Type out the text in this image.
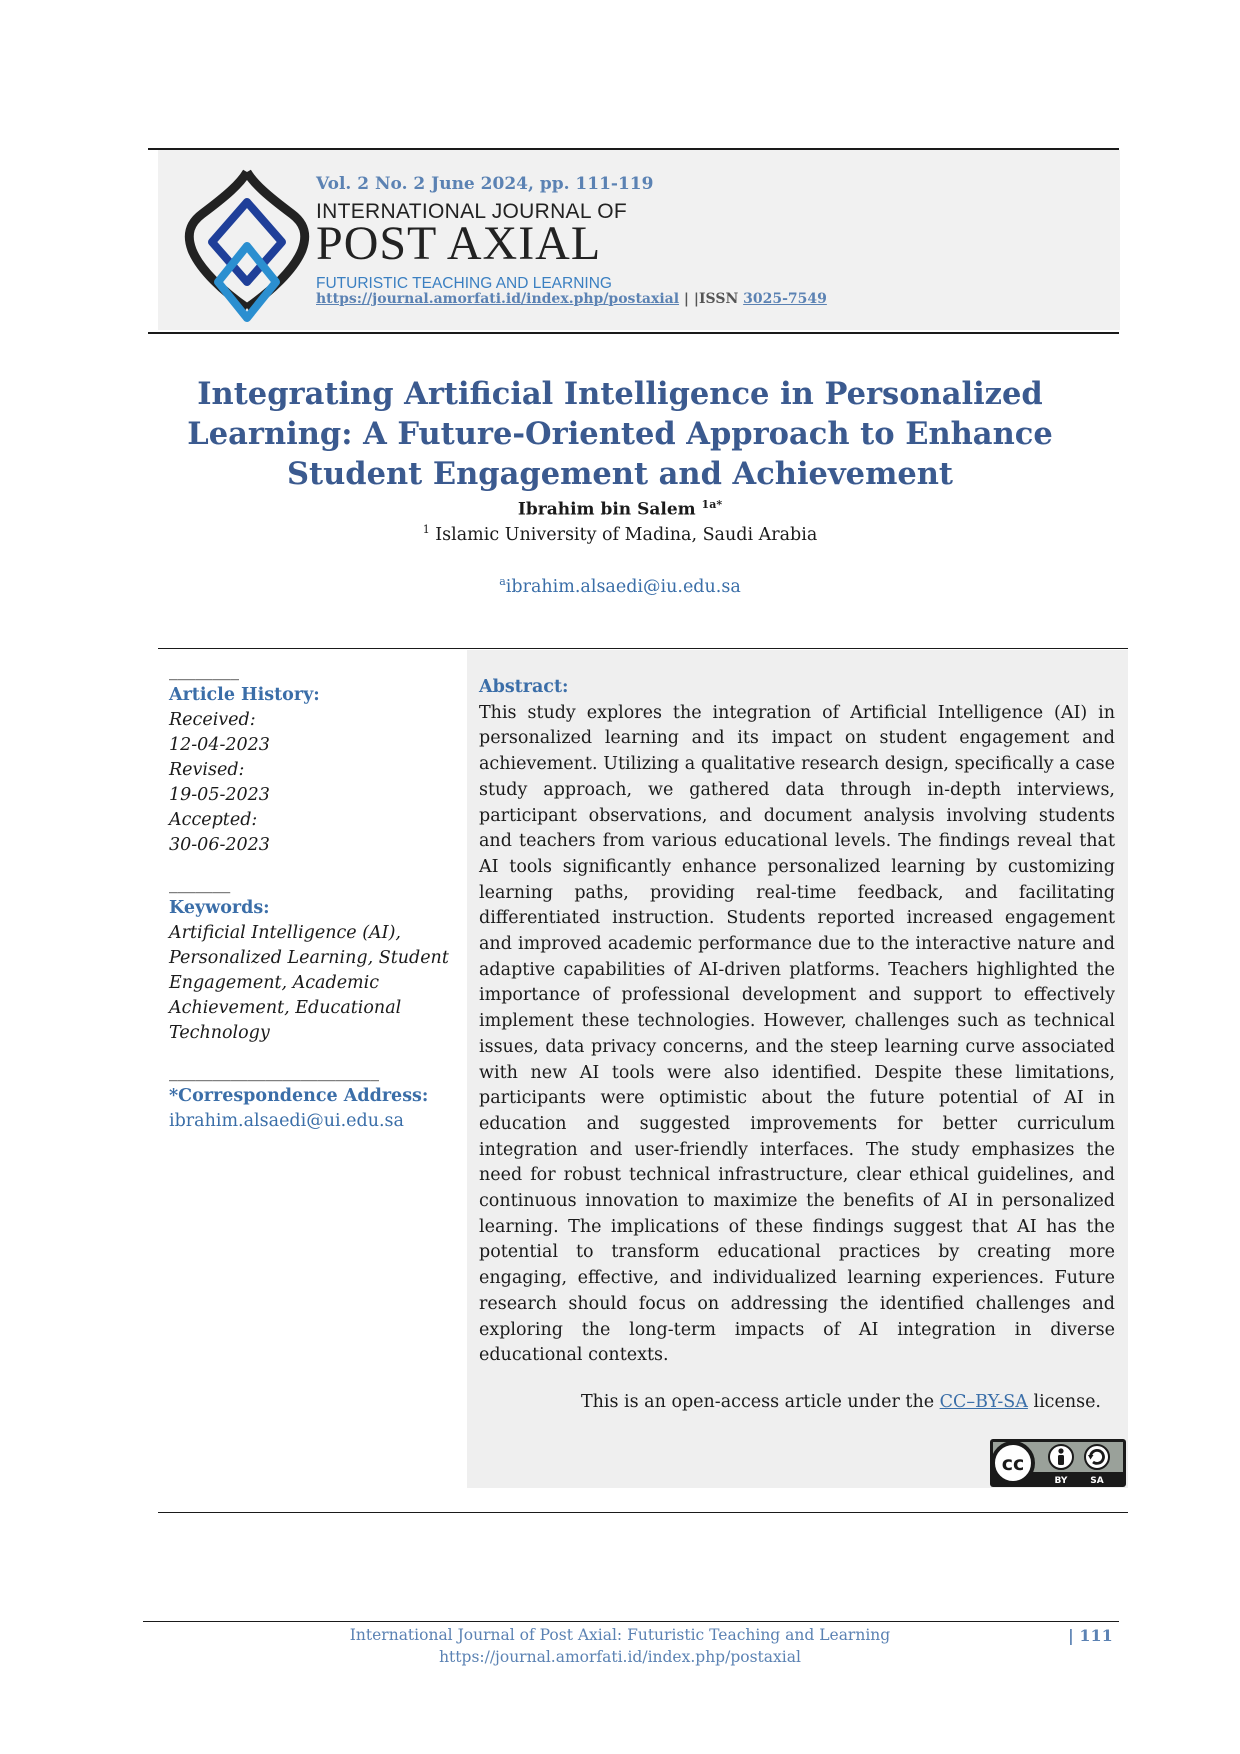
Vol. 2 No. 2 June 2024, pp. 111-119
INTERNATIONAL JOURNAL OF
POST AXIAL
FUTURISTIC TEACHING AND LEARNING
https://journal.amorfati.id/index.php/postaxial | |ISSN 3025-7549
Integrating Artificial Intelligence in Personalized Learning: A Future-Oriented Approach to Enhance Student Engagement and Achievement
Ibrahim bin Salem $^{1a*}$
$^1$ Islamic University of Madina, Saudi Arabia
$^a$ibrahim.alsaedi@iu.edu.sa
________
Article History:
Received:
12-04-2023
Revised:
19-05-2023
Accepted:
30-06-2023
_______
Keywords:
Artificial Intelligence (AI), Personalized Learning, Student Engagement, Academic Achievement, Educational Technology
________________________
*Correspondence Address:
ibrahim.alsaedi@ui.edu.sa
Abstract:
This study explores the integration of Artificial Intelligence (AI) in personalized learning and its impact on student engagement and achievement. Utilizing a qualitative research design, specifically a case study approach, we gathered data through in-depth interviews, participant observations, and document analysis involving students and teachers from various educational levels. The findings reveal that AI tools significantly enhance personalized learning by customizing learning paths, providing real-time feedback, and facilitating differentiated instruction. Students reported increased engagement and improved academic performance due to the interactive nature and adaptive capabilities of AI-driven platforms. Teachers highlighted the importance of professional development and support to effectively implement these technologies. However, challenges such as technical issues, data privacy concerns, and the steep learning curve associated with new AI tools were also identified. Despite these limitations, participants were optimistic about the future potential of AI in education and suggested improvements for better curriculum integration and user-friendly interfaces. The study emphasizes the need for robust technical infrastructure, clear ethical guidelines, and continuous innovation to maximize the benefits of AI in personalized learning. The implications of these findings suggest that AI has the potential to transform educational practices by creating more engaging, effective, and individualized learning experiences. Future research should focus on addressing the identified challenges and exploring the long-term impacts of AI integration in diverse educational contexts.
This is an open-access article under the CC–BY-SA license.
cc
BY	SA
International Journal of Post Axial: Futuristic Teaching and Learning
https://journal.amorfati.id/index.php/postaxial
| 111
